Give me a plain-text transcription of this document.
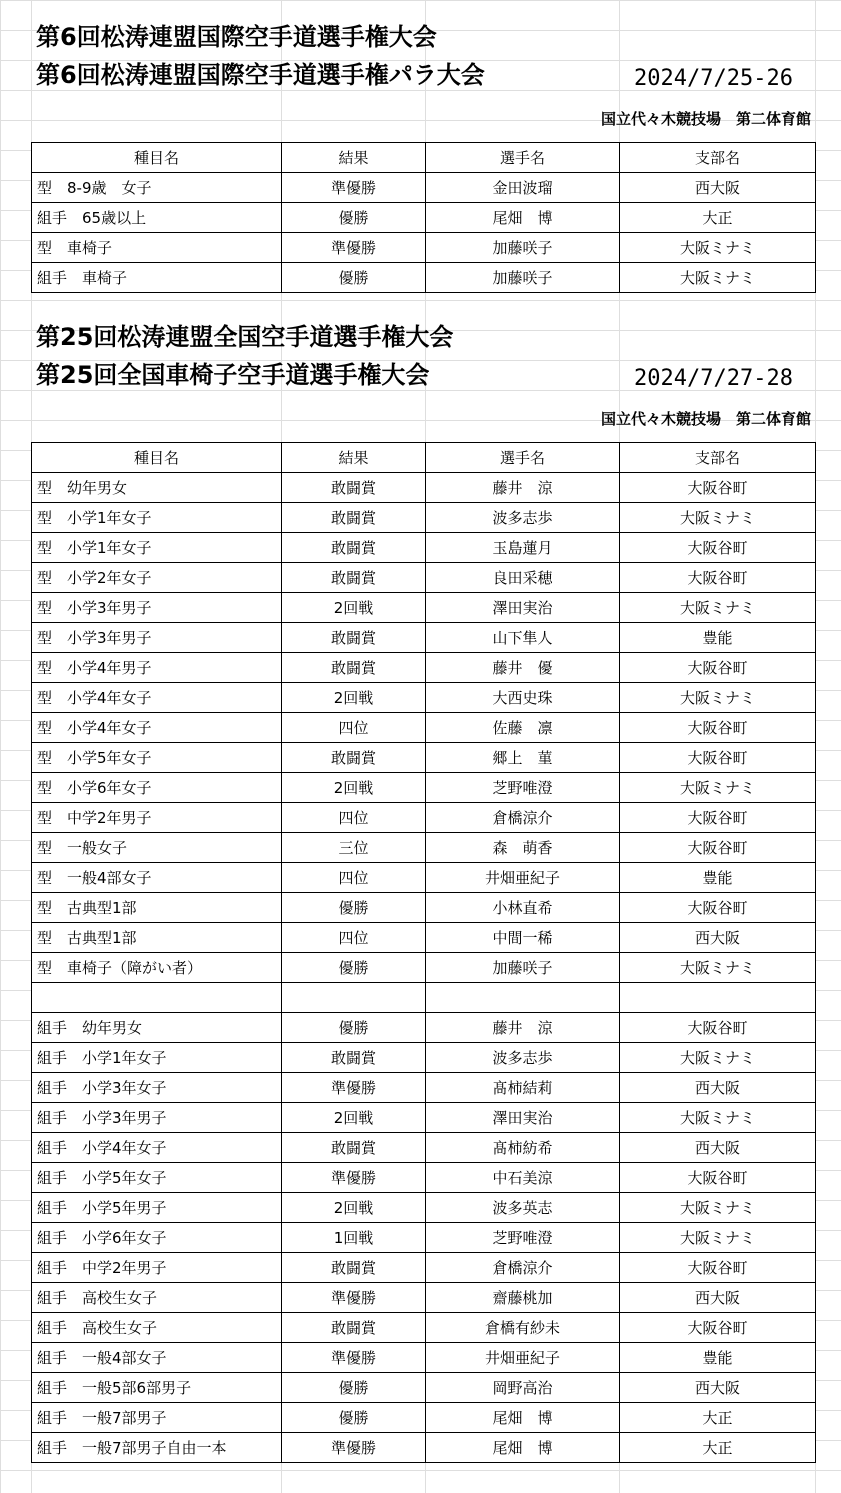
第6回松涛連盟国際空手道選手権大会
第6回松涛連盟国際空手道選手権パラ大会	2024/7/25-26
国立代々木競技場　第二体育館
種目名	結果	選手名	支部名
型　8-9歳　女子	準優勝	金田波瑠	西大阪
組手　65歳以上	優勝	尾畑　博	大正
型　車椅子	準優勝	加藤咲子	大阪ミナミ
組手　車椅子	優勝	加藤咲子	大阪ミナミ
第25回松涛連盟全国空手道選手権大会
第25回全国車椅子空手道選手権大会	2024/7/27-28
国立代々木競技場　第二体育館
種目名	結果	選手名	支部名
型　幼年男女	敢闘賞	藤井　涼	大阪谷町
型　小学1年女子	敢闘賞	波多志歩	大阪ミナミ
型　小学1年女子	敢闘賞	玉島蓮月	大阪谷町
型　小学2年女子	敢闘賞	良田采穂	大阪谷町
型　小学3年男子	2回戦	澤田実治	大阪ミナミ
型　小学3年男子	敢闘賞	山下隼人	豊能
型　小学4年男子	敢闘賞	藤井　優	大阪谷町
型　小学4年女子	2回戦	大西史珠	大阪ミナミ
型　小学4年女子	四位	佐藤　凛	大阪谷町
型　小学5年女子	敢闘賞	郷上　菫	大阪谷町
型　小学6年女子	2回戦	芝野唯澄	大阪ミナミ
型　中学2年男子	四位	倉橋涼介	大阪谷町
型　一般女子	三位	森　萌香	大阪谷町
型　一般4部女子	四位	井畑亜紀子	豊能
型　古典型1部	優勝	小林直希	大阪谷町
型　古典型1部	四位	中間一稀	西大阪
型　車椅子（障がい者）	優勝	加藤咲子	大阪ミナミ

組手　幼年男女	優勝	藤井　涼	大阪谷町
組手　小学1年女子	敢闘賞	波多志歩	大阪ミナミ
組手　小学3年女子	準優勝	髙柿結莉	西大阪
組手　小学3年男子	2回戦	澤田実治	大阪ミナミ
組手　小学4年女子	敢闘賞	髙柿紡希	西大阪
組手　小学5年女子	準優勝	中石美涼	大阪谷町
組手　小学5年男子	2回戦	波多英志	大阪ミナミ
組手　小学6年女子	1回戦	芝野唯澄	大阪ミナミ
組手　中学2年男子	敢闘賞	倉橋涼介	大阪谷町
組手　高校生女子	準優勝	齋藤桃加	西大阪
組手　高校生女子	敢闘賞	倉橋有紗未	大阪谷町
組手　一般4部女子	準優勝	井畑亜紀子	豊能
組手　一般5部6部男子	優勝	岡野高治	西大阪
組手　一般7部男子	優勝	尾畑　博	大正
組手　一般7部男子自由一本	準優勝	尾畑　博	大正
